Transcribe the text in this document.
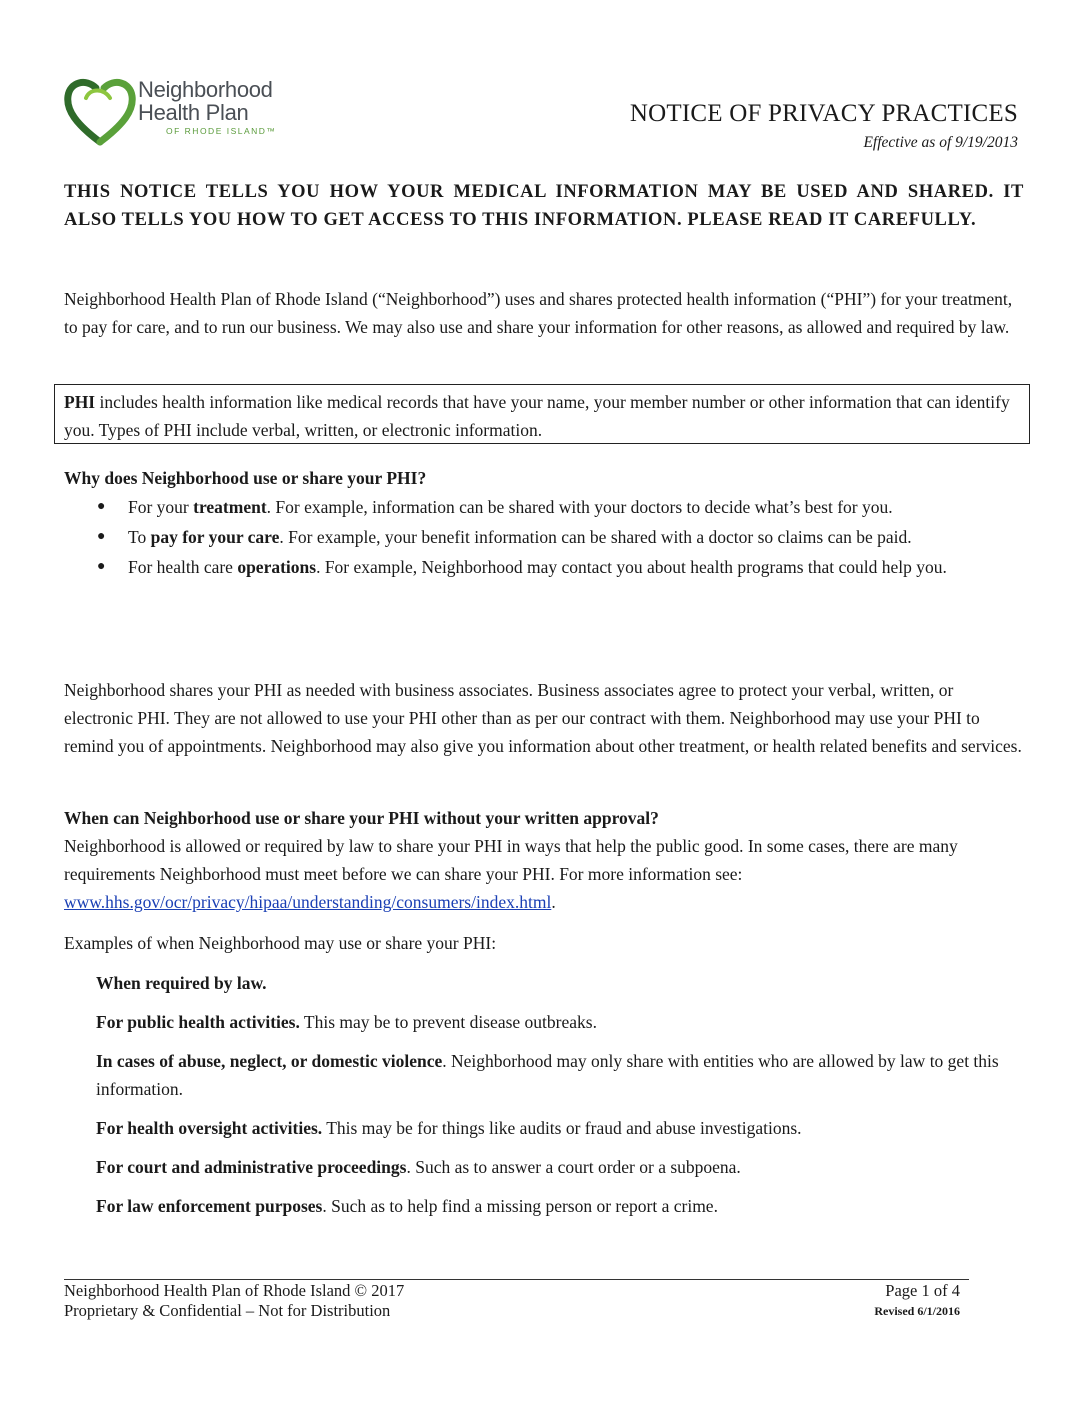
Neighborhood
Health Plan
OF RHODE ISLAND™
NOTICE OF PRIVACY PRACTICES
Effective as of 9/19/2013
THIS NOTICE TELLS YOU HOW YOUR MEDICAL INFORMATION MAY BE USED AND SHARED. IT ALSO TELLS YOU HOW TO GET ACCESS TO THIS INFORMATION. PLEASE READ IT CAREFULLY.
Neighborhood Health Plan of Rhode Island (“Neighborhood”) uses and shares protected health information (“PHI”) for your treatment, to pay for care, and to run our business. We may also use and share your information for other reasons, as allowed and required by law.
PHI includes health information like medical records that have your name, your member number or other information that can identify you. Types of PHI include verbal, written, or electronic information.
Why does Neighborhood use or share your PHI?
● For your treatment. For example, information can be shared with your doctors to decide what’s best for you.
● To pay for your care. For example, your benefit information can be shared with a doctor so claims can be paid.
● For health care operations. For example, Neighborhood may contact you about health programs that could help you.
Neighborhood shares your PHI as needed with business associates. Business associates agree to protect your verbal, written, or electronic PHI. They are not allowed to use your PHI other than as per our contract with them. Neighborhood may use your PHI to remind you of appointments. Neighborhood may also give you information about other treatment, or health related benefits and services.
When can Neighborhood use or share your PHI without your written approval?
Neighborhood is allowed or required by law to share your PHI in ways that help the public good. In some cases, there are many requirements Neighborhood must meet before we can share your PHI. For more information see: www.hhs.gov/ocr/privacy/hipaa/understanding/consumers/index.html.
Examples of when Neighborhood may use or share your PHI:
When required by law.
For public health activities. This may be to prevent disease outbreaks.
In cases of abuse, neglect, or domestic violence. Neighborhood may only share with entities who are allowed by law to get this information.
For health oversight activities. This may be for things like audits or fraud and abuse investigations.
For court and administrative proceedings. Such as to answer a court order or a subpoena.
For law enforcement purposes. Such as to help find a missing person or report a crime.
Neighborhood Health Plan of Rhode Island © 2017
Proprietary & Confidential – Not for Distribution
Page 1 of 4
Revised 6/1/2016
